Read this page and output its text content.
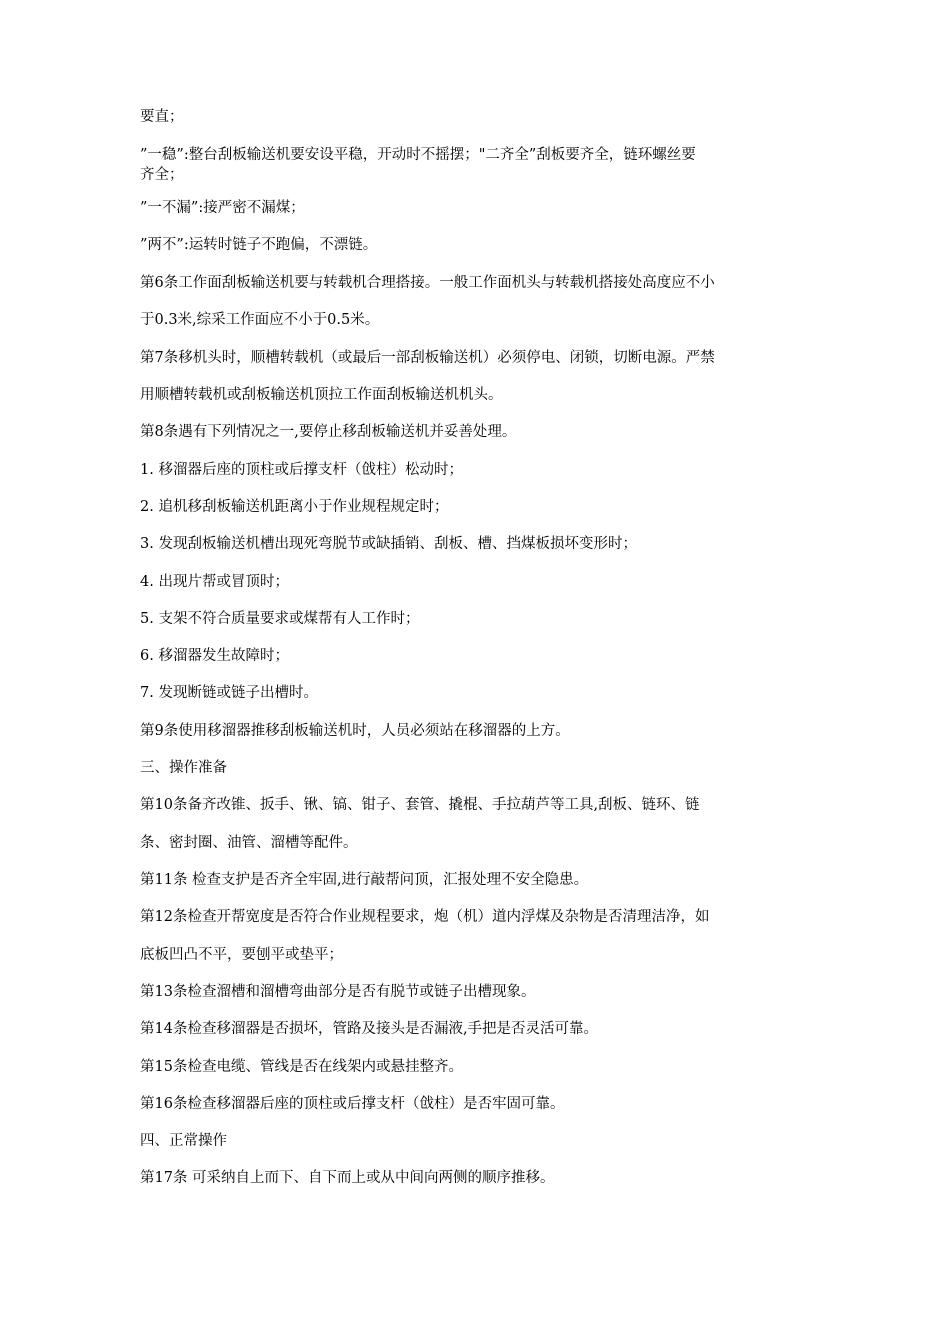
要直；
”一稳”:整台刮板输送机要安设平稳，开动时不摇摆；"二齐全”刮板要齐全，链环螺丝要
齐全；
”一不漏”:接严密不漏煤；
”两不”:运转时链子不跑偏，不漂链。
第6条工作面刮板输送机要与转载机合理搭接。一般工作面机头与转载机搭接处高度应不小
于0.3米,综采工作面应不小于0.5米。
第7条移机头时，顺槽转载机（或最后一部刮板输送机）必须停电、闭锁，切断电源。严禁
用顺槽转载机或刮板输送机顶拉工作面刮板输送机机头。
第8条遇有下列情况之一,要停止移刮板输送机并妥善处理。
1. 移溜器后座的顶柱或后撑支杆（戗柱）松动时；
2. 追机移刮板输送机距离小于作业规程规定时；
3. 发现刮板输送机槽出现死弯脱节或缺插销、刮板、槽、挡煤板损坏变形时；
4. 出现片帮或冒顶时；
5. 支架不符合质量要求或煤帮有人工作时；
6. 移溜器发生故障时；
7. 发现断链或链子出槽时。
第9条使用移溜器推移刮板输送机时，人员必须站在移溜器的上方。
三、操作准备
第10条备齐改锥、扳手、锹、镐、钳子、套管、撬棍、手拉葫芦等工具,刮板、链环、链
条、密封圈、油管、溜槽等配件。
第11条 检查支护是否齐全牢固,进行敲帮问顶，汇报处理不安全隐患。
第12条检查开帮宽度是否符合作业规程要求，炮（机）道内浮煤及杂物是否清理洁净，如
底板凹凸不平，要刨平或垫平；
第13条检查溜槽和溜槽弯曲部分是否有脱节或链子出槽现象。
第14条检查移溜器是否损坏，管路及接头是否漏液,手把是否灵活可靠。
第15条检查电缆、管线是否在线架内或悬挂整齐。
第16条检查移溜器后座的顶柱或后撑支杆（戗柱）是否牢固可靠。
四、正常操作
第17条 可采纳自上而下、自下而上或从中间向两侧的顺序推移。
